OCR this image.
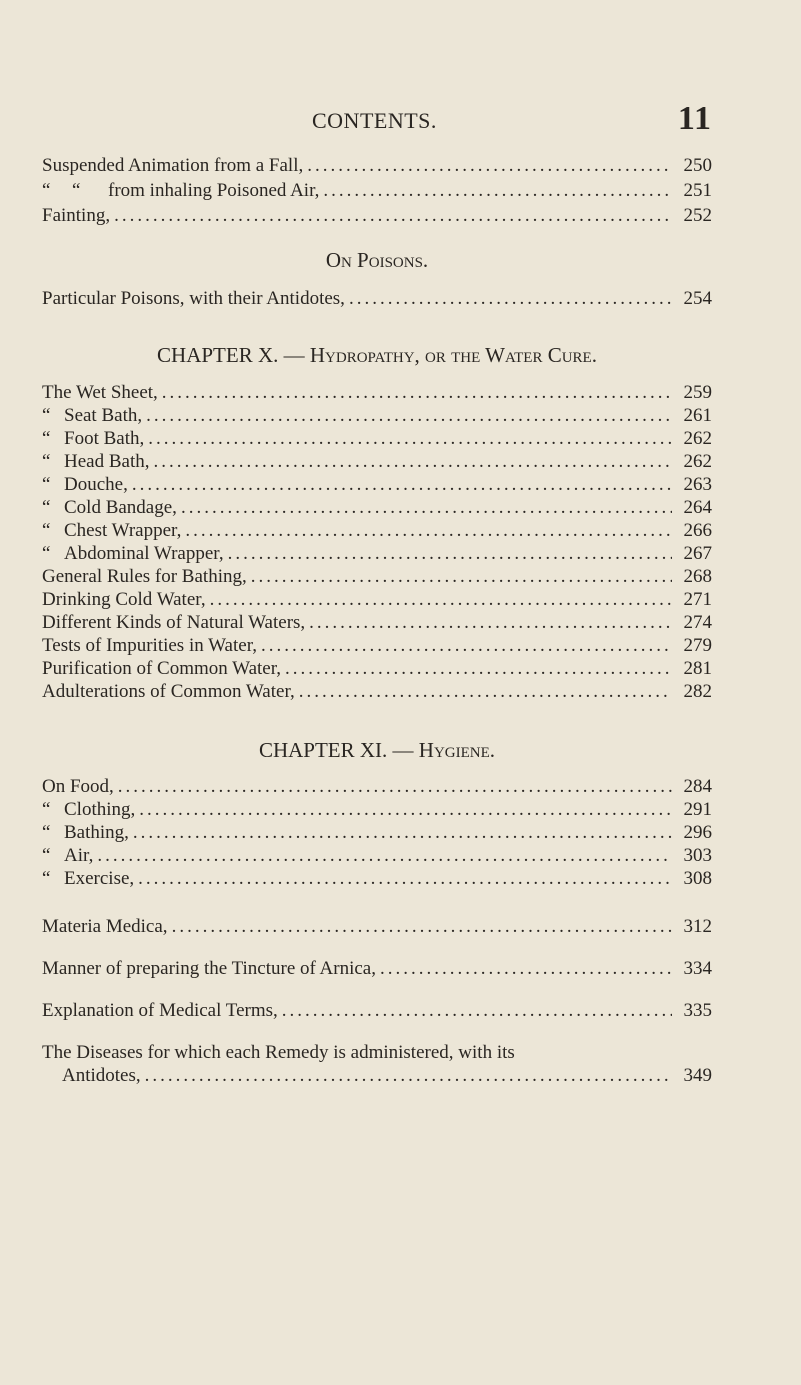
CONTENTS.	11
Suspended Animation from a Fall, .....	250
“ “ from inhaling Poisoned Air, .....	251
Fainting, .....	252
On Poisons.
Particular Poisons, with their Antidotes, .....	254
CHAPTER X. — Hydropathy, or the Water Cure.
The Wet Sheet, .....	259
“ Seat Bath, .....	261
“ Foot Bath, .....	262
“ Head Bath, .....	262
“ Douche, .....	263
“ Cold Bandage, .....	264
“ Chest Wrapper, .....	266
“ Abdominal Wrapper, .....	267
General Rules for Bathing, .....	268
Drinking Cold Water, .....	271
Different Kinds of Natural Waters, .....	274
Tests of Impurities in Water, .....	279
Purification of Common Water, .....	281
Adulterations of Common Water, .....	282
CHAPTER XI. — Hygiene.
On Food, .....	284
“ Clothing, .....	291
“ Bathing, .....	296
“ Air, .....	303
“ Exercise, .....	308
Materia Medica, .....	312
Manner of preparing the Tincture of Arnica, .....	334
Explanation of Medical Terms, .....	335
The Diseases for which each Remedy is administered, with its
Antidotes, .....	349
